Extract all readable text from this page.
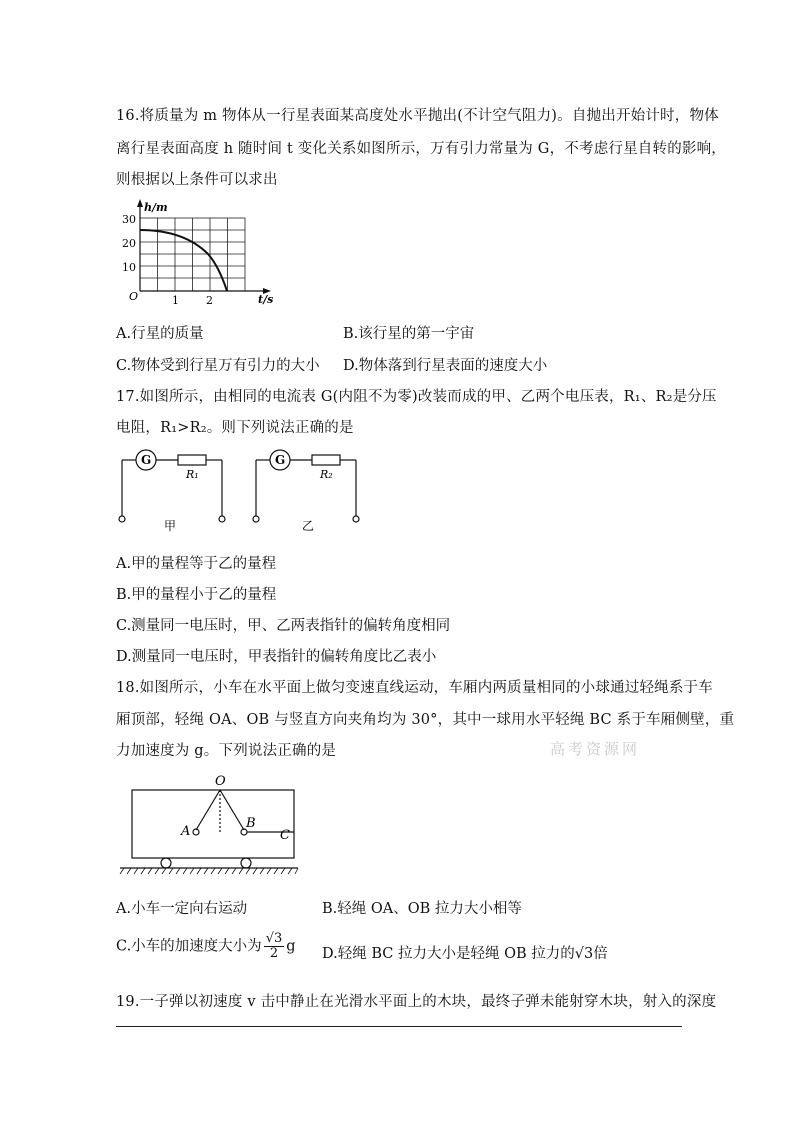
16.将质量为 m 物体从一行星表面某高度处水平抛出(不计空气阻力)。自抛出开始计时，物体
离行星表面高度 h 随时间 t 变化关系如图所示，万有引力常量为 G，不考虑行星自转的影响，
则根据以上条件可以求出
h/m
t/s
O
30
20
10
1 2
A.行星的质量	B.该行星的第一宇宙
C.物体受到行星万有引力的大小 D.物体落到行星表面的速度大小
17.如图所示，由相同的电流表 G(内阻不为零)改装而成的甲、乙两个电压表，R₁、R₂是分压
电阻，R₁>R₂。则下列说法正确的是
G
R₁
甲
G
R₂
乙
A.甲的量程等于乙的量程
B.甲的量程小于乙的量程
C.测量同一电压时，甲、乙两表指针的偏转角度相同
D.测量同一电压时，甲表指针的偏转角度比乙表小
18.如图所示，小车在水平面上做匀变速直线运动，车厢内两质量相同的小球通过轻绳系于车
厢顶部，轻绳 OA、OB 与竖直方向夹角均为 30°，其中一球用水平轻绳 BC 系于车厢侧壁，重
力加速度为 g。下列说法正确的是	高考资源网
O
A
B
C
A.小车一定向右运动	B.轻绳 OA、OB 拉力大小相等
C.小车的加速度大小为 $\frac{√3}{2}$ g D.轻绳 BC 拉力大小是轻绳 OB 拉力的√3倍
19.一子弹以初速度 v 击中静止在光滑水平面上的木块，最终子弹未能射穿木块，射入的深度
